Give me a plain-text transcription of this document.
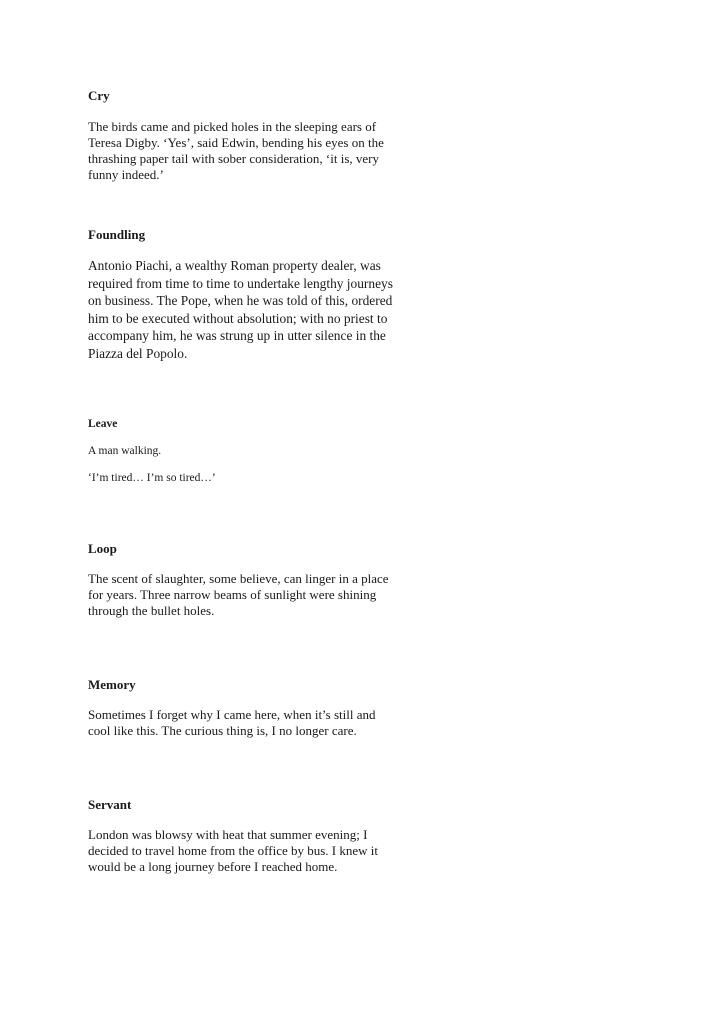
Cry

The birds came and picked holes in the sleeping ears of Teresa Digby. ‘Yes’, said Edwin, bending his eyes on the thrashing paper tail with sober consideration, ‘it is, very funny indeed.’

Foundling

Antonio Piachi, a wealthy Roman property dealer, was required from time to time to undertake lengthy journeys on business. The Pope, when he was told of this, ordered him to be executed without absolution; with no priest to accompany him, he was strung up in utter silence in the Piazza del Popolo.

Leave

A man walking.

‘I’m tired… I’m so tired…’

Loop

The scent of slaughter, some believe, can linger in a place for years. Three narrow beams of sunlight were shining through the bullet holes.

Memory

Sometimes I forget why I came here, when it’s still and cool like this. The curious thing is, I no longer care.

Servant

London was blowsy with heat that summer evening; I decided to travel home from the office by bus. I knew it would be a long journey before I reached home.
